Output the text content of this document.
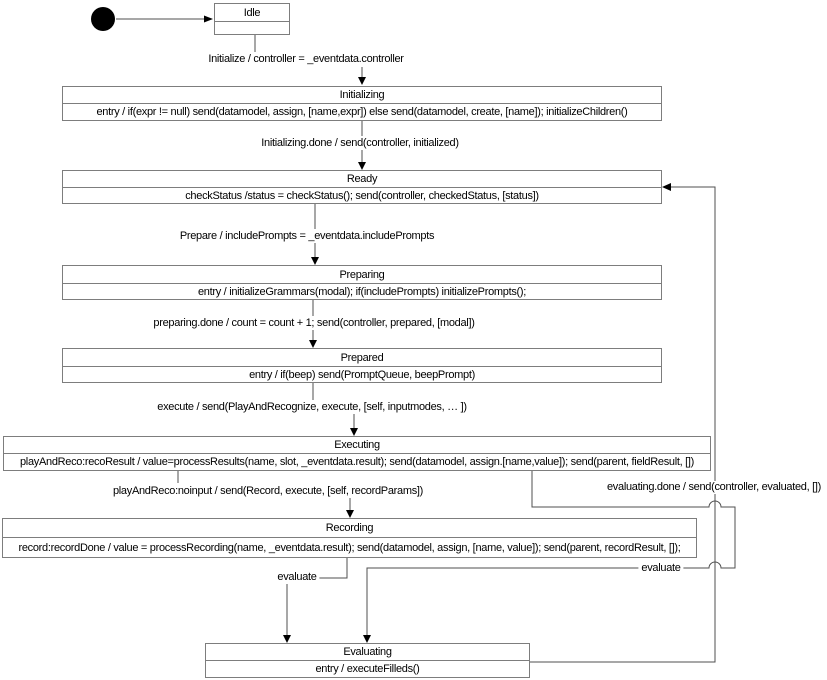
Idle
Initializing
entry / if(expr != null) send(datamodel, assign, [name,expr]) else send(datamodel, create, [name]); initializeChildren()
Ready
checkStatus /status = checkStatus(); send(controller, checkedStatus, [status])
Preparing
entry / initializeGrammars(modal); if(includePrompts) initializePrompts();
Prepared
entry / if(beep) send(PromptQueue, beepPrompt)
Executing
playAndReco:recoResult / value=processResults(name, slot, _eventdata.result); send(datamodel, assign.[name,value]); send(parent, fieldResult, [])
Recording
record:recordDone / value = processRecording(name, _eventdata.result); send(datamodel, assign, [name, value]); send(parent, recordResult, []);
Evaluating
entry / executeFilleds()
Initialize / controller = _eventdata.controller
Initializing.done / send(controller, initialized)
Prepare / includePrompts = _eventdata.includePrompts
preparing.done / count = count + 1; send(controller, prepared, [modal])
execute / send(PlayAndRecognize, execute, [self, inputmodes, … ])
playAndReco:noinput / send(Record, execute, [self, recordParams])	evaluating.done / send(controller, evaluated, [])
evaluate
evaluate
